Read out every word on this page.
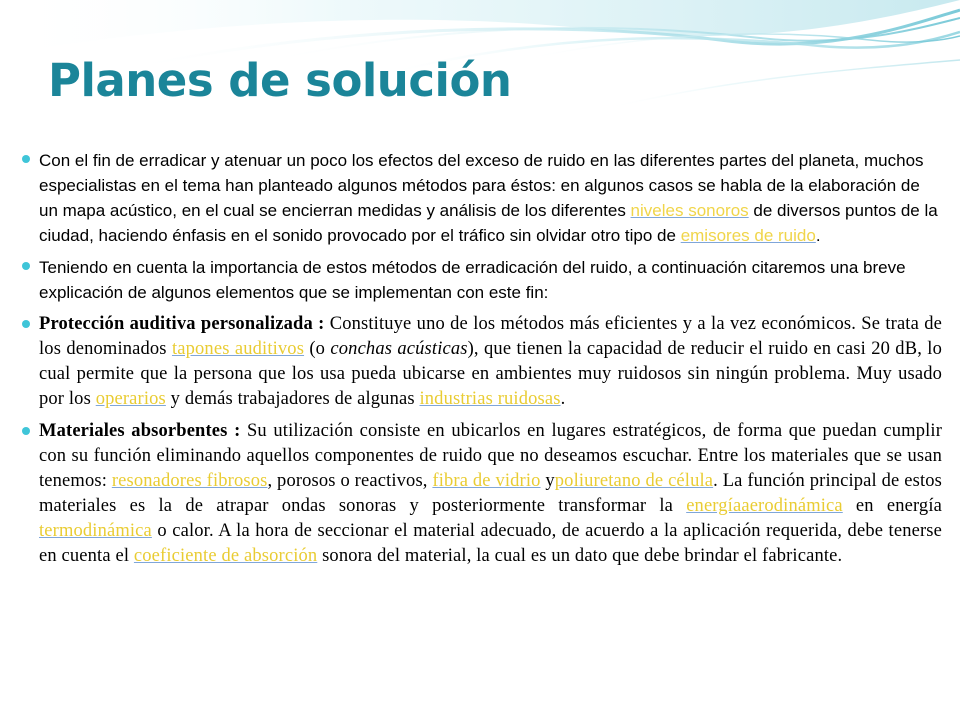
Planes de solución
Con el fin de erradicar y atenuar un poco los efectos del exceso de ruido en las diferentes partes del planeta, muchos especialistas en el tema han planteado algunos métodos para éstos: en algunos casos se habla de la elaboración de un mapa acústico, en el cual se encierran medidas y análisis de los diferentes niveles sonoros de diversos puntos de la ciudad, haciendo énfasis en el sonido provocado por el tráfico sin olvidar otro tipo de emisores de ruido.
Teniendo en cuenta la importancia de estos métodos de erradicación del ruido, a continuación citaremos una breve explicación de algunos elementos que se implementan con este fin:
Protección auditiva personalizada : Constituye uno de los métodos más eficientes y a la vez económicos. Se trata de los denominados tapones auditivos (o conchas acústicas), que tienen la capacidad de reducir el ruido en casi 20 dB, lo cual permite que la persona que los usa pueda ubicarse en ambientes muy ruidosos sin ningún problema. Muy usado por los operarios y demás trabajadores de algunas industrias ruidosas.
Materiales absorbentes : Su utilización consiste en ubicarlos en lugares estratégicos, de forma que puedan cumplir con su función eliminando aquellos componentes de ruido que no deseamos escuchar. Entre los materiales que se usan tenemos: resonadores fibrosos, porosos o reactivos, fibra de vidrio ypoliuretano de célula. La función principal de estos materiales es la de atrapar ondas sonoras y posteriormente transformar la energíaaerodinámica en energía termodinámica o calor. A la hora de seccionar el material adecuado, de acuerdo a la aplicación requerida, debe tenerse en cuenta el coeficiente de absorción sonora del material, la cual es un dato que debe brindar el fabricante.
